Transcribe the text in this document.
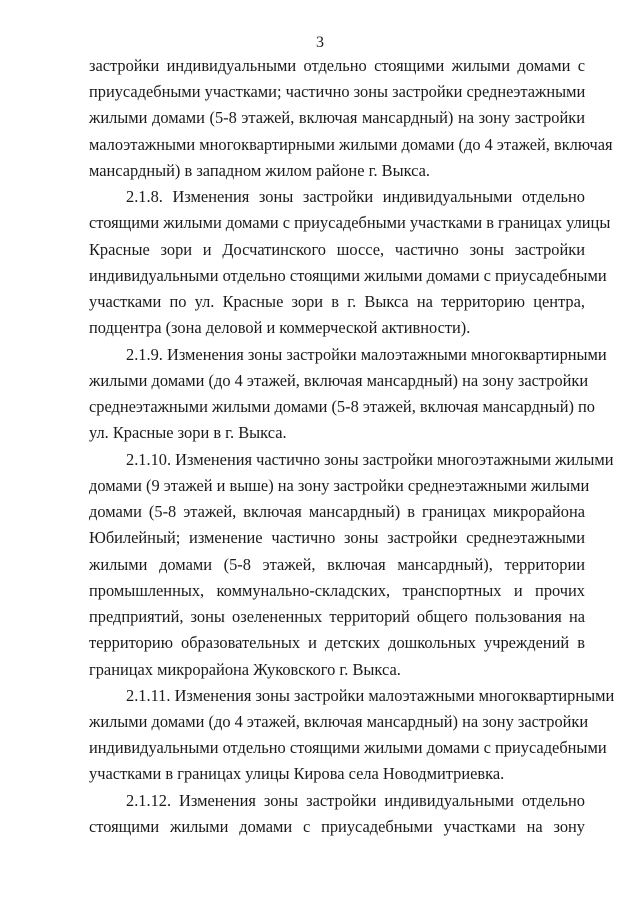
3
застройки индивидуальными отдельно стоящими жилыми домами с
приусадебными участками; частично зоны застройки среднеэтажными
жилыми домами (5-8 этажей, включая мансардный) на зону застройки
малоэтажными многоквартирными жилыми домами (до 4 этажей, включая
мансардный) в западном жилом районе г. Выкса.
2.1.8. Изменения зоны застройки индивидуальными отдельно
стоящими жилыми домами с приусадебными участками в границах улицы
Красные зори и Досчатинского шоссе, частично зоны застройки
индивидуальными отдельно стоящими жилыми домами с приусадебными
участками по ул. Красные зори в г. Выкса на территорию центра,
подцентра (зона деловой и коммерческой активности).
2.1.9. Изменения зоны застройки малоэтажными многоквартирными
жилыми домами (до 4 этажей, включая мансардный) на зону застройки
среднеэтажными жилыми домами (5-8 этажей, включая мансардный) по
ул. Красные зори в г. Выкса.
2.1.10. Изменения частично зоны застройки многоэтажными жилыми
домами (9 этажей и выше) на зону застройки среднеэтажными жилыми
домами (5-8 этажей, включая мансардный) в границах микрорайона
Юбилейный; изменение частично зоны застройки среднеэтажными
жилыми домами (5-8 этажей, включая мансардный), территории
промышленных, коммунально-складских, транспортных и прочих
предприятий, зоны озелененных территорий общего пользования на
территорию образовательных и детских дошкольных учреждений в
границах микрорайона Жуковского г. Выкса.
2.1.11. Изменения зоны застройки малоэтажными многоквартирными
жилыми домами (до 4 этажей, включая мансардный) на зону застройки
индивидуальными отдельно стоящими жилыми домами с приусадебными
участками в границах улицы Кирова села Новодмитриевка.
2.1.12. Изменения зоны застройки индивидуальными отдельно
стоящими жилыми домами с приусадебными участками на зону
